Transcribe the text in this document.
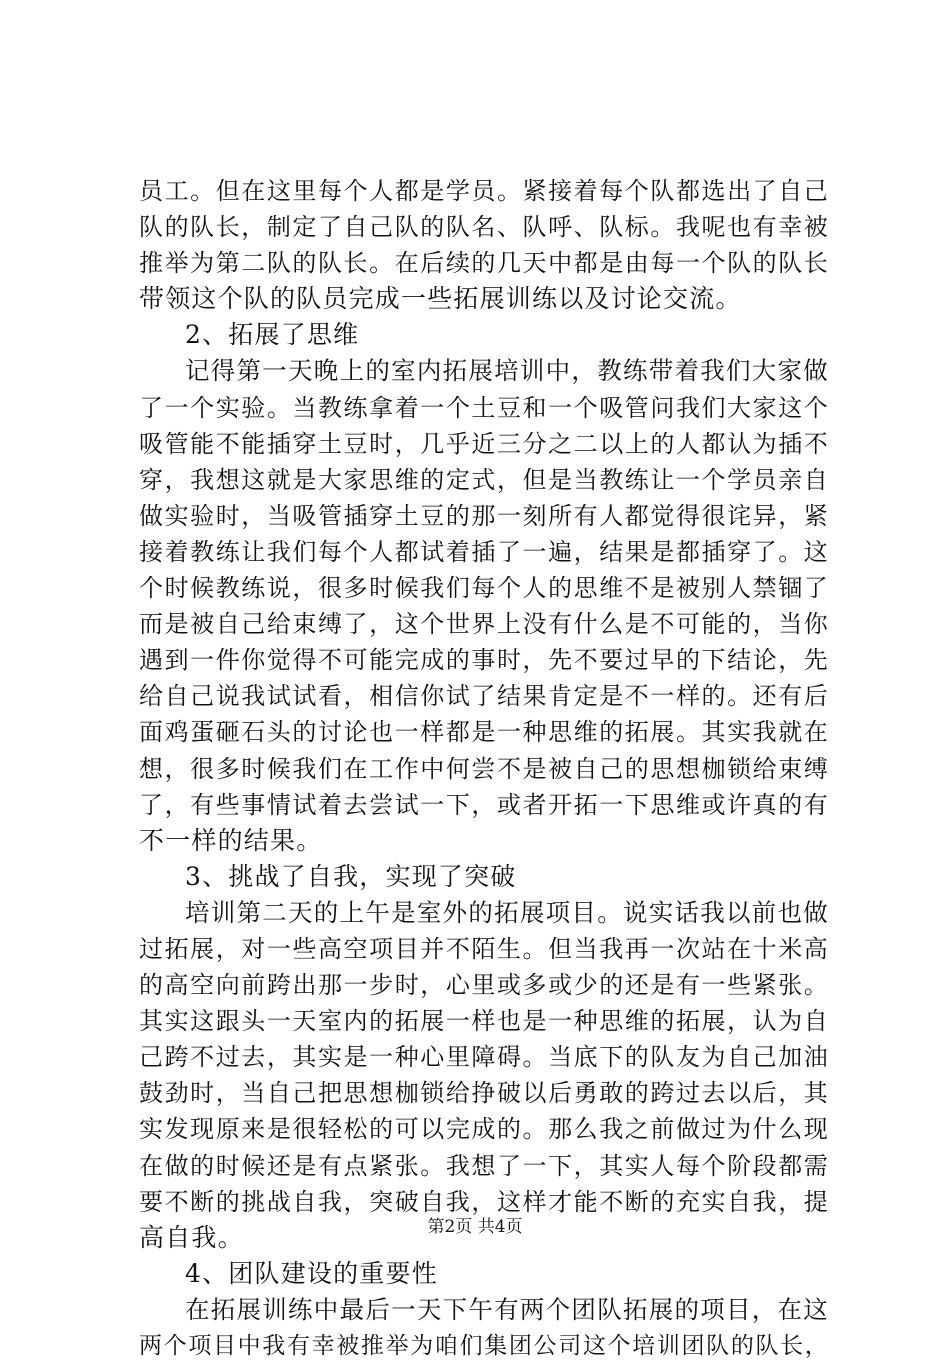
员工。但在这里每个人都是学员。紧接着每个队都选出了自己
队的队长，制定了自己队的队名、队呼、队标。我呢也有幸被
推举为第二队的队长。在后续的几天中都是由每一个队的队长
带领这个队的队员完成一些拓展训练以及讨论交流。
2、拓展了思维
记得第一天晚上的室内拓展培训中，教练带着我们大家做
了一个实验。当教练拿着一个土豆和一个吸管问我们大家这个
吸管能不能插穿土豆时，几乎近三分之二以上的人都认为插不
穿，我想这就是大家思维的定式，但是当教练让一个学员亲自
做实验时，当吸管插穿土豆的那一刻所有人都觉得很诧异，紧
接着教练让我们每个人都试着插了一遍，结果是都插穿了。这
个时候教练说，很多时候我们每个人的思维不是被别人禁锢了
而是被自己给束缚了，这个世界上没有什么是不可能的，当你
遇到一件你觉得不可能完成的事时，先不要过早的下结论，先
给自己说我试试看，相信你试了结果肯定是不一样的。还有后
面鸡蛋砸石头的讨论也一样都是一种思维的拓展。其实我就在
想，很多时候我们在工作中何尝不是被自己的思想枷锁给束缚
了，有些事情试着去尝试一下，或者开拓一下思维或许真的有
不一样的结果。
3、挑战了自我，实现了突破
培训第二天的上午是室外的拓展项目。说实话我以前也做
过拓展，对一些高空项目并不陌生。但当我再一次站在十米高
的高空向前跨出那一步时，心里或多或少的还是有一些紧张。
其实这跟头一天室内的拓展一样也是一种思维的拓展，认为自
己跨不过去，其实是一种心里障碍。当底下的队友为自己加油
鼓劲时，当自己把思想枷锁给挣破以后勇敢的跨过去以后，其
实发现原来是很轻松的可以完成的。那么我之前做过为什么现
在做的时候还是有点紧张。我想了一下，其实人每个阶段都需
要不断的挑战自我，突破自我，这样才能不断的充实自我，提
高自我。
4、团队建设的重要性
在拓展训练中最后一天下午有两个团队拓展的项目，在这
两个项目中我有幸被推举为咱们集团公司这个培训团队的队长，
第2页 共4页
